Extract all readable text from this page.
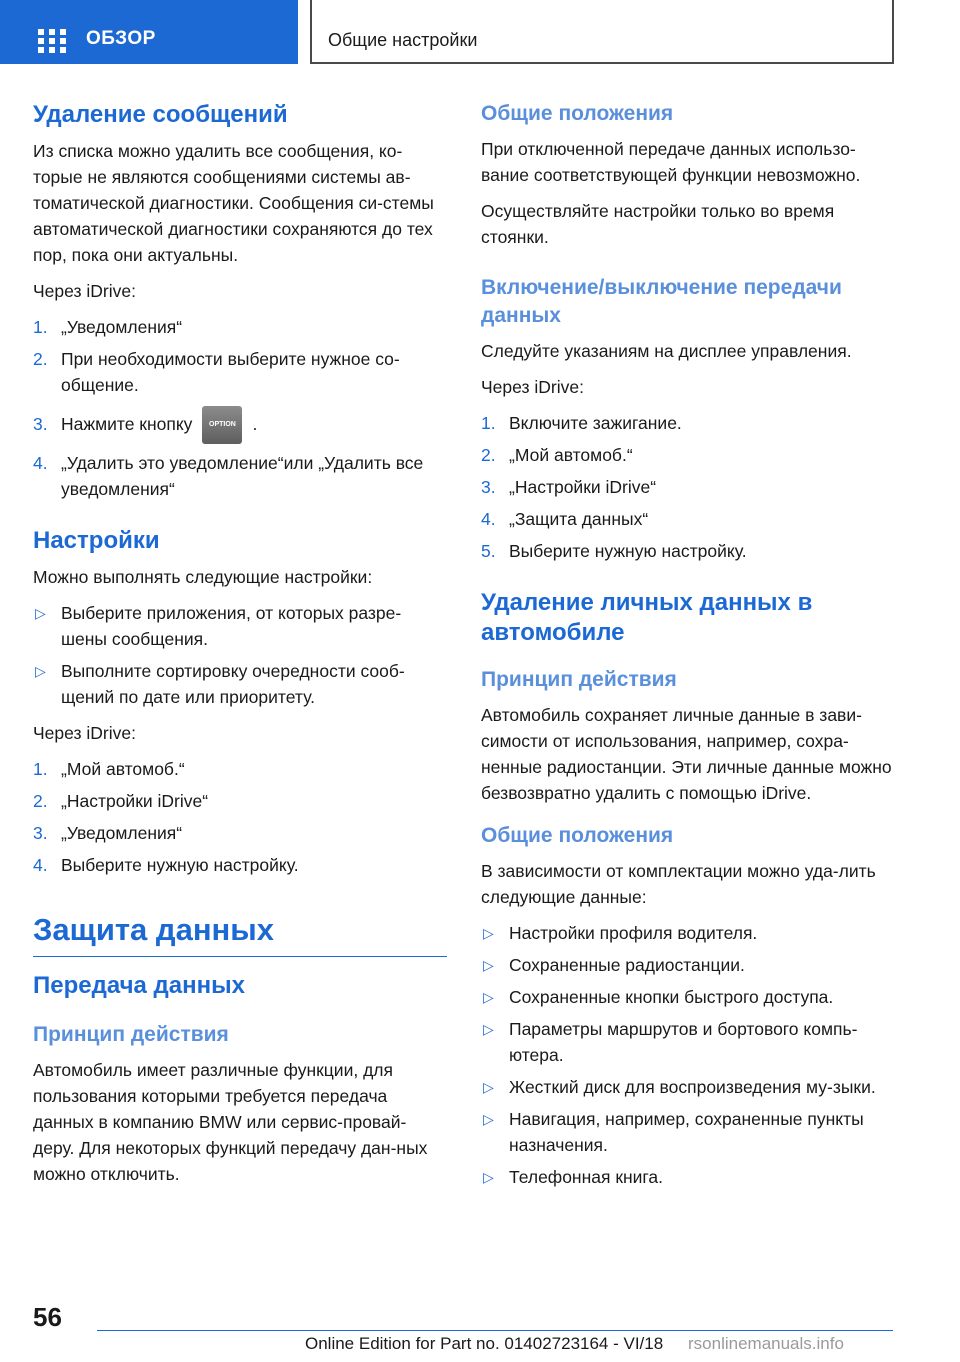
ОБЗОР	Общие настройки
Удаление сообщений

Из списка можно удалить все сообщения, ко-торые не являются сообщениями системы ав-томатической диагностики. Сообщения си-стемы автоматической диагностики сохраняются до тех пор, пока они актуальны.

Через iDrive:

1. „Уведомления“
2. При необходимости выберите нужное со-общение.
3. Нажмите кнопку OPTION .
4. „Удалить это уведомление“или „Удалить все уведомления“
Настройки

Можно выполнять следующие настройки:

▷ Выберите приложения, от которых разре-шены сообщения.
▷ Выполните сортировку очередности сооб-щений по дате или приоритету.

Через iDrive:

1. „Мой автомоб.“
2. „Настройки iDrive“
3. „Уведомления“
4. Выберите нужную настройку.
Защита данных
Передача данных
Принцип действия

Автомобиль имеет различные функции, для пользования которыми требуется передача данных в компанию BMW или сервис-провай-деру. Для некоторых функций передачу дан-ных можно отключить.

Общие положения

При отключенной передаче данных использо-вание соответствующей функции невозможно.

Осуществляйте настройки только во время стоянки.

Включение/выключение передачи данных

Следуйте указаниям на дисплее управления.

Через iDrive:

1. Включите зажигание.
2. „Мой автомоб.“
3. „Настройки iDrive“
4. „Защита данных“
5. Выберите нужную настройку.
Удаление личных данных в автомобиле
Принцип действия

Автомобиль сохраняет личные данные в зави-симости от использования, например, сохра-ненные радиостанции. Эти личные данные можно безвозвратно удалить с помощью iDrive.

Общие положения

В зависимости от комплектации можно уда-лить следующие данные:

▷ Настройки профиля водителя.
▷ Сохраненные радиостанции.
▷ Сохраненные кнопки быстрого доступа.
▷ Параметры маршрутов и бортового компь-ютера.
▷ Жесткий диск для воспроизведения му-зыки.
▷ Навигация, например, сохраненные пункты назначения.
▷ Телефонная книга.
56
Online Edition for Part no. 01402723164 - VI/18 rsonlinemanuals.info
